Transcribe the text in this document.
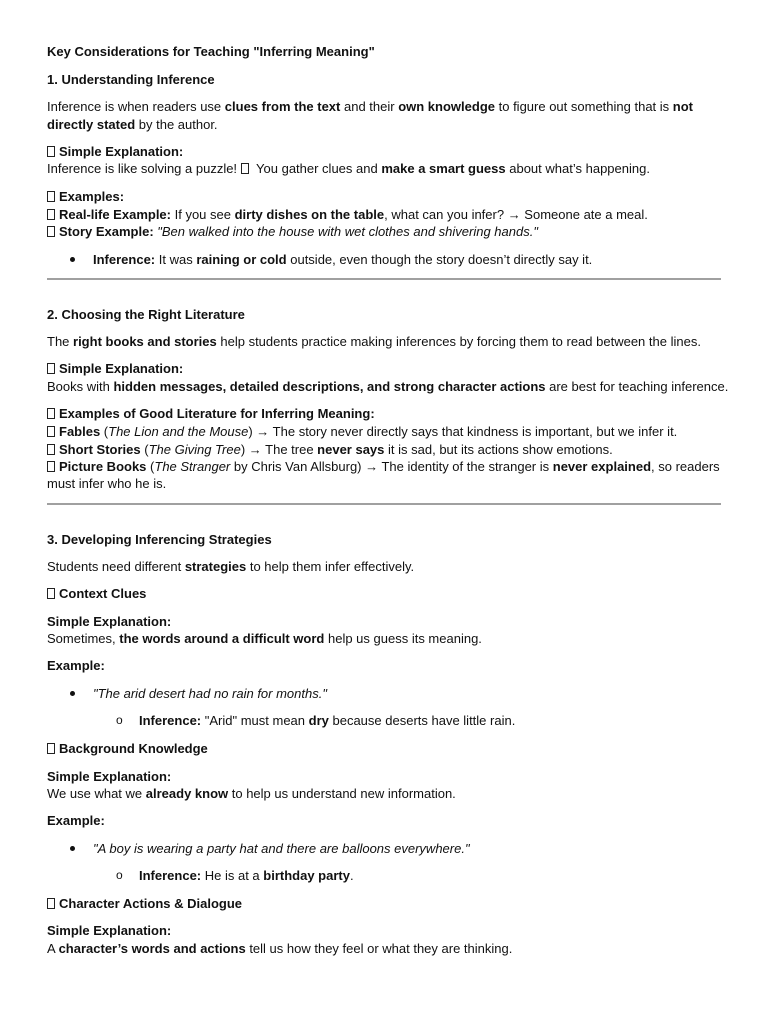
Key Considerations for Teaching "Inferring Meaning"
1. Understanding Inference
Inference is when readers use clues from the text and their own knowledge to figure out something that is not
directly stated by the author.
Simple Explanation:
Inference is like solving a puzzle!  You gather clues and make a smart guess about what’s happening.
Examples:
Real-life Example: If you see dirty dishes on the table, what can you infer? → Someone ate a meal.
Story Example: "Ben walked into the house with wet clothes and shivering hands."
Inference: It was raining or cold outside, even though the story doesn’t directly say it.
2. Choosing the Right Literature
The right books and stories help students practice making inferences by forcing them to read between the lines.
Simple Explanation:
Books with hidden messages, detailed descriptions, and strong character actions are best for teaching inference.
Examples of Good Literature for Inferring Meaning:
Fables (The Lion and the Mouse) → The story never directly says that kindness is important, but we infer it.
Short Stories (The Giving Tree) → The tree never says it is sad, but its actions show emotions.
Picture Books (The Stranger by Chris Van Allsburg) → The identity of the stranger is never explained, so readers
must infer who he is.
3. Developing Inferencing Strategies
Students need different strategies to help them infer effectively.
Context Clues
Simple Explanation:
Sometimes, the words around a difficult word help us guess its meaning.
Example:
"The arid desert had no rain for months."
o Inference: "Arid" must mean dry because deserts have little rain.
Background Knowledge
Simple Explanation:
We use what we already know to help us understand new information.
Example:
"A boy is wearing a party hat and there are balloons everywhere."
o Inference: He is at a birthday party.
Character Actions & Dialogue
Simple Explanation:
A character’s words and actions tell us how they feel or what they are thinking.
